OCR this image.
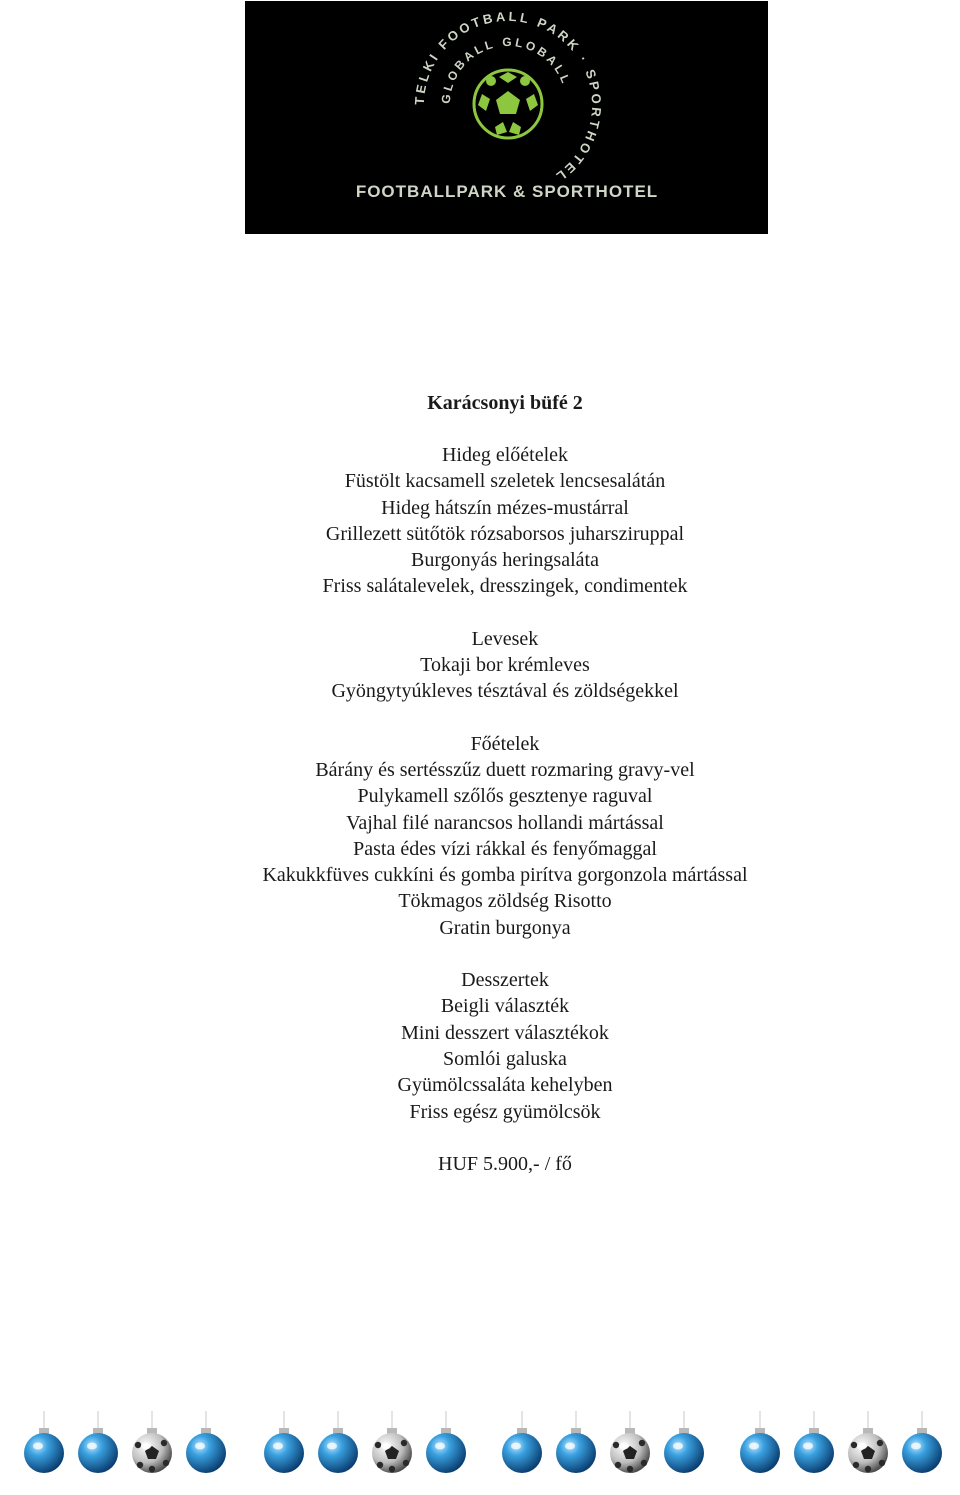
TELKI FOOTBALL PARK · SPORTHOTEL
GLOBALL GLOBALL
FOOTBALLPARK & SPORTHOTEL
Karácsonyi büfé 2
Hideg előételek
Füstölt kacsamell szeletek lencsesalátán
Hideg hátszín mézes-mustárral
Grillezett sütőtök rózsaborsos juharsziruppal
Burgonyás heringsaláta
Friss salátalevelek, dresszingek, condimentek
Levesek
Tokaji bor krémleves
Gyöngytyúkleves tésztával és zöldségekkel
Főételek
Bárány és sertésszűz duett rozmaring gravy-vel
Pulykamell szőlős gesztenye raguval
Vajhal filé narancsos hollandi mártással
Pasta édes vízi rákkal és fenyőmaggal
Kakukkfüves cukkíni és gomba pirítva gorgonzola mártással
Tökmagos zöldség Risotto
Gratin burgonya
Desszertek
Beigli választék
Mini desszert választékok
Somlói galuska
Gyümölcssaláta kehelyben
Friss egész gyümölcsök
HUF 5.900,- / fő
